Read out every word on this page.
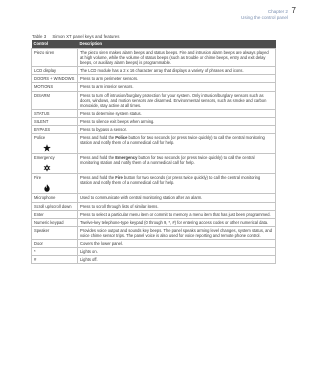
Chapter 2 7
Using the control panel
Table 3 Simon XT panel keys and features
Control	Description
Piezo siren	The piezo siren makes alarm beeps and status beeps. Fire and intrusion alarm beeps are always played at high volume, while the volume of status beeps (such as trouble or chime beeps, entry and exit delay beeps, or auxiliary alarm beeps) is programmable.
LCD display	The LCD module has a 2 x 16 character array that displays a variety of phrases and icons.
DOORS + WINDOWS	Press to arm perimeter sensors.
MOTIONS	Press to arm interior sensors.
DISARM	Press to turn off intrusion/burglary protection for your system. Only intrusion/burglary sensors such as doors, windows, and motion sensors are disarmed. Environmental sensors, such as smoke and carbon monoxide, stay active at all times.
STATUS	Press to determine system status.
SILENT	Press to silence exit beeps when arming.
BYPASS	Press to bypass a sensor.
Police	Press and hold the Police button for two seconds (or press twice quickly) to call the central monitoring station and notify them of a nonmedical call for help.
Emergency	Press and hold the Emergency button for two seconds (or press twice quickly) to call the central monitoring station and notify them of a nonmedical call for help.
Fire	Press and hold the Fire button for two seconds (or press twice quickly) to call the central monitoring station and notify them of a nonmedical call for help.
Microphone	Used to communicate with central monitoring station after an alarm.
Scroll up/scroll down	Press to scroll through lists of similar items.
Enter	Press to select a particular menu item or commit to memory a menu item that has just been programmed.
Numeric keypad	Twelve-key telephone-type keypad (0 through 9, *, #) for entering access codes or other numerical data.
Speaker	Provides voice output and sounds key beeps. The panel speaks arming level changes, system status, and voice chime sensor trips. The panel voice is also used for voice reporting and remote phone control.
Door	Covers the lower panel.
*	Lights on.
#	Lights off.
